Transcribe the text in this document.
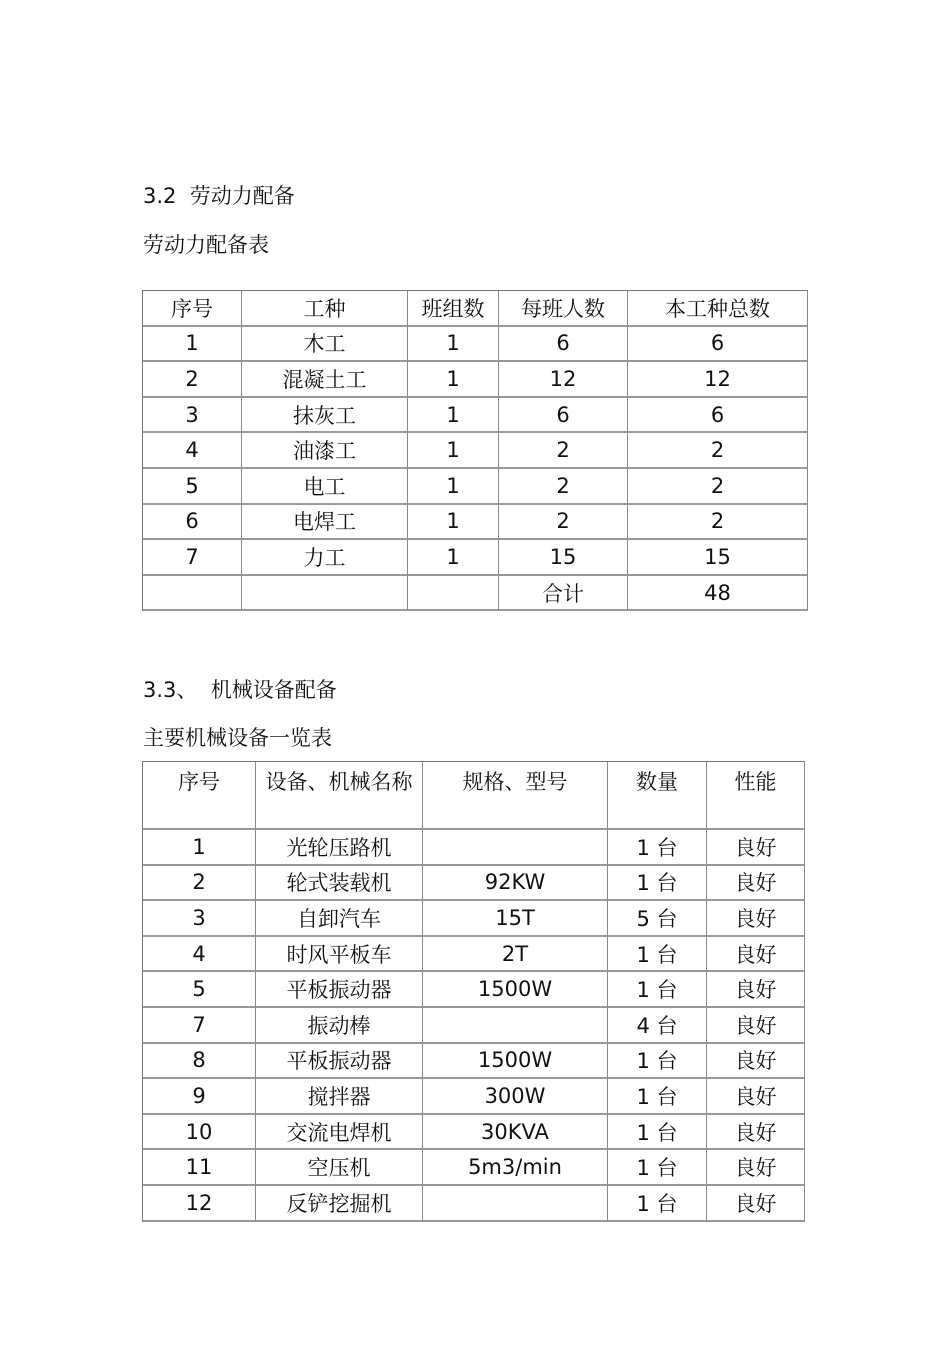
3.2  劳动力配备
劳动力配备表
序号	工种	班组数	每班人数	本工种总数
1	木工	1	6	6
2	混凝土工	1	12	12
3	抹灰工	1	6	6
4	油漆工	1	2	2
5	电工	1	2	2
6	电焊工	1	2	2
7	力工	1	15	15
			合计	48
3.3、  机械设备配备
主要机械设备一览表
序号	设备、机械名称	规格、型号	数量	性能
1	光轮压路机		1 台	良好
2	轮式装载机	92KW	1 台	良好
3	自卸汽车	15T	5 台	良好
4	时风平板车	2T	1 台	良好
5	平板振动器	1500W	1 台	良好
7	振动棒		4 台	良好
8	平板振动器	1500W	1 台	良好
9	搅拌器	300W	1 台	良好
10	交流电焊机	30KVA	1 台	良好
11	空压机	5m3/min	1 台	良好
12	反铲挖掘机		1 台	良好
